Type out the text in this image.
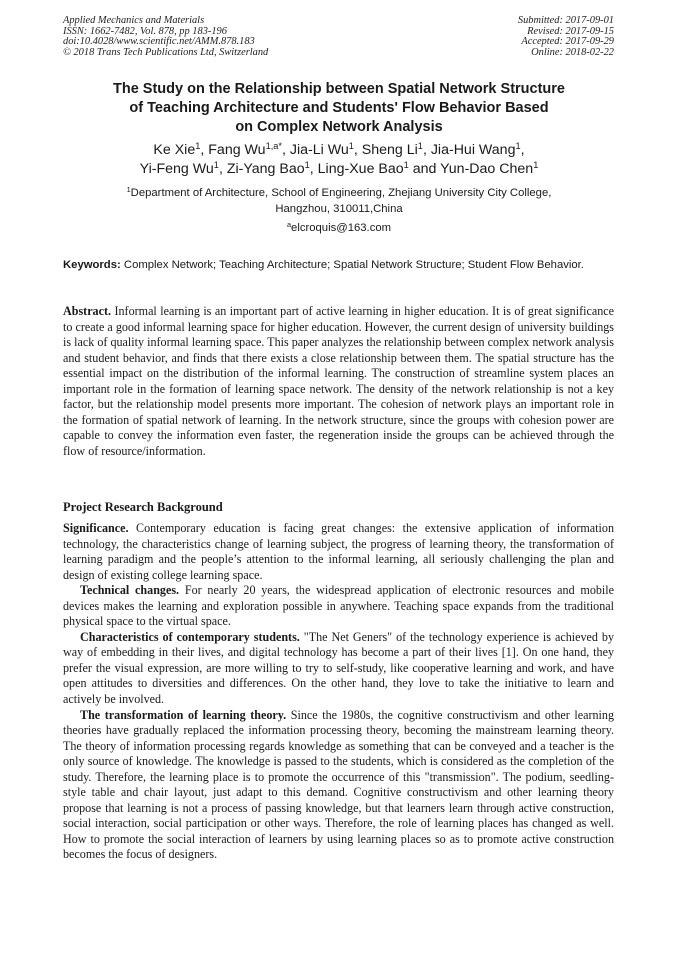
Applied Mechanics and Materials
ISSN: 1662-7482, Vol. 878, pp 183-196
doi:10.4028/www.scientific.net/AMM.878.183
© 2018 Trans Tech Publications Ltd, Switzerland
Submitted: 2017-09-01
Revised: 2017-09-15
Accepted: 2017-09-29
Online: 2018-02-22
The Study on the Relationship between Spatial Network Structure
of Teaching Architecture and Students' Flow Behavior Based
on Complex Network Analysis
Ke Xie$^1$, Fang $Wu^{1,a*}$, Jia-Li Wu$^1$, Sheng Li$^1$, Jia-Hui Wang$^1$,
Yi-Feng Wu$^1$, Zi-Yang Bao$^1$, Ling-Xue Bao$^1$ and Yun-Dao Chen$^1$
$^1$Department of Architecture, School of Engineering, Zhejiang University City College,
Hangzhou, 310011,China
$^a$elcroquis@163.com
Keywords: Complex Network; Teaching Architecture; Spatial Network Structure; Student Flow Behavior.
Abstract. Informal learning is an important part of active learning in higher education. It is of great significance to create a good informal learning space for higher education. However, the current design of university buildings is lack of quality informal learning space. This paper analyzes the relationship between complex network analysis and student behavior, and finds that there exists a close relationship between them. The spatial structure has the essential impact on the distribution of the informal learning. The construction of streamline system places an important role in the formation of learning space network. The density of the network relationship is not a key factor, but the relationship model presents more important. The cohesion of network plays an important role in the formation of spatial network of learning. In the network structure, since the groups with cohesion power are capable to convey the information even faster, the regeneration inside the groups can be achieved through the flow of resource/information.
Project Research Background

Significance. Contemporary education is facing great changes: the extensive application of information technology, the characteristics change of learning subject, the progress of learning theory, the transformation of learning paradigm and the people’s attention to the informal learning, all seriously challenging the plan and design of existing college learning space.

Technical changes. For nearly 20 years, the widespread application of electronic resources and mobile devices makes the learning and exploration possible in anywhere. Teaching space expands from the traditional physical space to the virtual space.

Characteristics of contemporary students. "The Net Geners" of the technology experience is achieved by way of embedding in their lives, and digital technology has become a part of their lives [1]. On one hand, they prefer the visual expression, are more willing to try to self-study, like cooperative learning and work, and have open attitudes to diversities and differences. On the other hand, they love to take the initiative to learn and actively be involved.

The transformation of learning theory. Since the 1980s, the cognitive constructivism and other learning theories have gradually replaced the information processing theory, becoming the mainstream learning theory. The theory of information processing regards knowledge as something that can be conveyed and a teacher is the only source of knowledge. The knowledge is passed to the students, which is considered as the completion of the study. Therefore, the learning place is to promote the occurrence of this "transmission". The podium, seedling-style table and chair layout, just adapt to this demand. Cognitive constructivism and other learning theory propose that learning is not a process of passing knowledge, but that learners learn through active construction, social interaction, social participation or other ways. Therefore, the role of learning places has changed as well. How to promote the social interaction of learners by using learning places so as to promote active construction becomes the focus of designers.
